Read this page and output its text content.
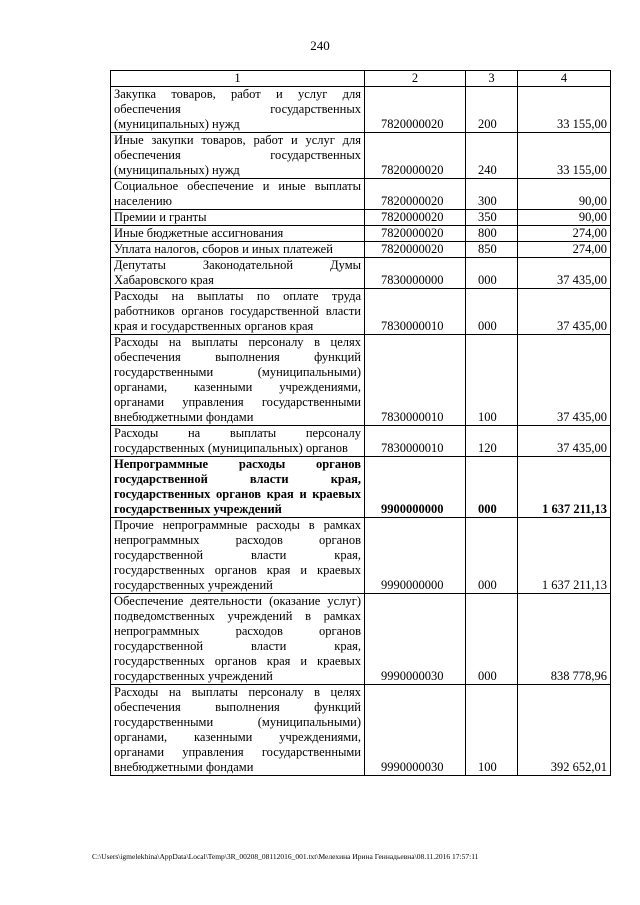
240
1	2	3	4
Закупка товаров, работ и услуг для обеспечения государственных (муниципальных) нужд	7820000020	200	33 155,00
Иные закупки товаров, работ и услуг для обеспечения государственных (муниципальных) нужд	7820000020	240	33 155,00
Социальное обеспечение и иные выплаты населению	7820000020	300	90,00
Премии и гранты	7820000020	350	90,00
Иные бюджетные ассигнования	7820000020	800	274,00
Уплата налогов, сборов и иных платежей	7820000020	850	274,00
Депутаты Законодательной Думы Хабаровского края	7830000000	000	37 435,00
Расходы на выплаты по оплате труда работников органов государственной власти края и государственных органов края	7830000010	000	37 435,00
Расходы на выплаты персоналу в целях обеспечения выполнения функций государственными (муниципальными) органами, казенными учреждениями, органами управления государственными внебюджетными фондами	7830000010	100	37 435,00
Расходы на выплаты персоналу государственных (муниципальных) органов	7830000010	120	37 435,00
Непрограммные расходы органов государственной власти края, государственных органов края и краевых государственных учреждений	9900000000	000	1 637 211,13
Прочие непрограммные расходы в рамках непрограммных расходов органов государственной власти края, государственных органов края и краевых государственных учреждений	9990000000	000	1 637 211,13
Обеспечение деятельности (оказание услуг) подведомственных учреждений в рамках непрограммных расходов органов государственной власти края, государственных органов края и краевых государственных учреждений	9990000030	000	838 778,96
Расходы на выплаты персоналу в целях обеспечения выполнения функций государственными (муниципальными) органами, казенными учреждениями, органами управления государственными внебюджетными фондами	9990000030	100	392 652,01
C:\Users\igmelekhina\AppData\Local\Temp\3R_00208_08112016_001.txt\Мелехина Ирина Геннадьевна\08.11.2016 17:57:11
